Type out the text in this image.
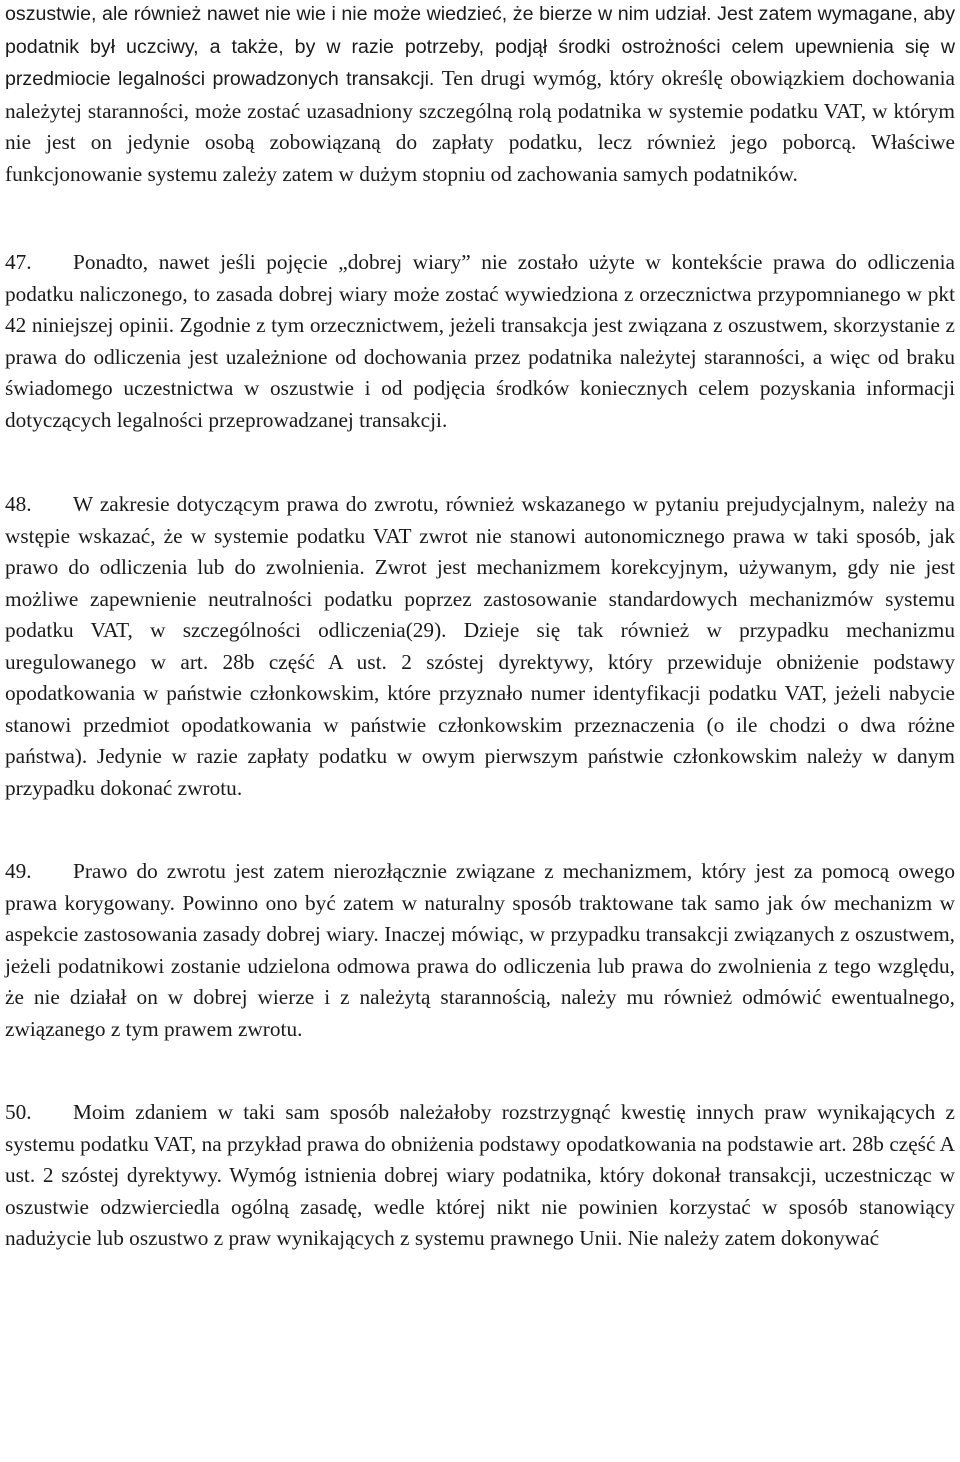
oszustwie, ale również nawet nie wie i nie może wiedzieć, że bierze w nim udział. Jest zatem wymagane, aby podatnik był uczciwy, a także, by w razie potrzeby, podjął środki ostrożności celem upewnienia się w przedmiocie legalności prowadzonych transakcji. Ten drugi wymóg, który określę obowiązkiem dochowania należytej staranności, może zostać uzasadniony szczególną rolą podatnika w systemie podatku VAT, w którym nie jest on jedynie osobą zobowiązaną do zapłaty podatku, lecz również jego poborcą. Właściwe funkcjonowanie systemu zależy zatem w dużym stopniu od zachowania samych podatników.

47. Ponadto, nawet jeśli pojęcie „dobrej wiary” nie zostało użyte w kontekście prawa do odliczenia podatku naliczonego, to zasada dobrej wiary może zostać wywiedziona z orzecznictwa przypomnianego w pkt 42 niniejszej opinii. Zgodnie z tym orzecznictwem, jeżeli transakcja jest związana z oszustwem, skorzystanie z prawa do odliczenia jest uzależnione od dochowania przez podatnika należytej staranności, a więc od braku świadomego uczestnictwa w oszustwie i od podjęcia środków koniecznych celem pozyskania informacji dotyczących legalności przeprowadzanej transakcji.

48. W zakresie dotyczącym prawa do zwrotu, również wskazanego w pytaniu prejudycjalnym, należy na wstępie wskazać, że w systemie podatku VAT zwrot nie stanowi autonomicznego prawa w taki sposób, jak prawo do odliczenia lub do zwolnienia. Zwrot jest mechanizmem korekcyjnym, używanym, gdy nie jest możliwe zapewnienie neutralności podatku poprzez zastosowanie standardowych mechanizmów systemu podatku VAT, w szczególności odliczenia(29). Dzieje się tak również w przypadku mechanizmu uregulowanego w art. 28b część A ust. 2 szóstej dyrektywy, który przewiduje obniżenie podstawy opodatkowania w państwie członkowskim, które przyznało numer identyfikacji podatku VAT, jeżeli nabycie stanowi przedmiot opodatkowania w państwie członkowskim przeznaczenia (o ile chodzi o dwa różne państwa). Jedynie w razie zapłaty podatku w owym pierwszym państwie członkowskim należy w danym przypadku dokonać zwrotu.

49. Prawo do zwrotu jest zatem nierozłącznie związane z mechanizmem, który jest za pomocą owego prawa korygowany. Powinno ono być zatem w naturalny sposób traktowane tak samo jak ów mechanizm w aspekcie zastosowania zasady dobrej wiary. Inaczej mówiąc, w przypadku transakcji związanych z oszustwem, jeżeli podatnikowi zostanie udzielona odmowa prawa do odliczenia lub prawa do zwolnienia z tego względu, że nie działał on w dobrej wierze i z należytą starannością, należy mu również odmówić ewentualnego, związanego z tym prawem zwrotu.

50. Moim zdaniem w taki sam sposób należałoby rozstrzygnąć kwestię innych praw wynikających z systemu podatku VAT, na przykład prawa do obniżenia podstawy opodatkowania na podstawie art. 28b część A ust. 2 szóstej dyrektywy. Wymóg istnienia dobrej wiary podatnika, który dokonał transakcji, uczestnicząc w oszustwie odzwierciedla ogólną zasadę, wedle której nikt nie powinien korzystać w sposób stanowiący nadużycie lub oszustwo z praw wynikających z systemu prawnego Unii. Nie należy zatem dokonywać
